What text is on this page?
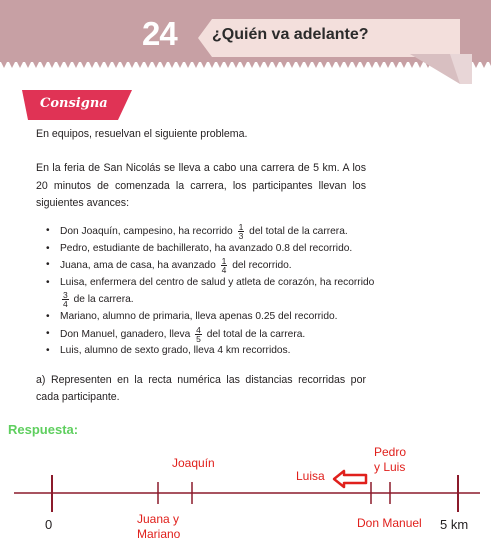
24 ¿Quién va adelante?
Consigna

En equipos, resuelvan el siguiente problema.

En la feria de San Nicolás se lleva a cabo una carrera de 5 km. A los 20 minutos de comenzada la carrera, los participantes llevan los siguientes avances:

• Don Joaquín, campesino, ha recorrido $\frac{1}{3}$ del total de la carrera.
• Pedro, estudiante de bachillerato, ha avanzado 0.8 del recorrido.
• Juana, ama de casa, ha avanzado $\frac{1}{4}$ del recorrido.
• Luisa, enfermera del centro de salud y atleta de corazón, ha recorrido
$\frac{3}{4}$ de la carrera.
• Mariano, alumno de primaria, lleva apenas 0.25 del recorrido.
• Don Manuel, ganadero, lleva $\frac{4}{5}$ del total de la carrera.
• Luis, alumno de sexto grado, lleva 4 km recorridos.

a) Representen en la recta numérica las distancias recorridas por cada participante.

Respuesta:
0	5 km
Joaquín
Juana y
Mariano
Luisa
Pedro
y Luis
Don Manuel
